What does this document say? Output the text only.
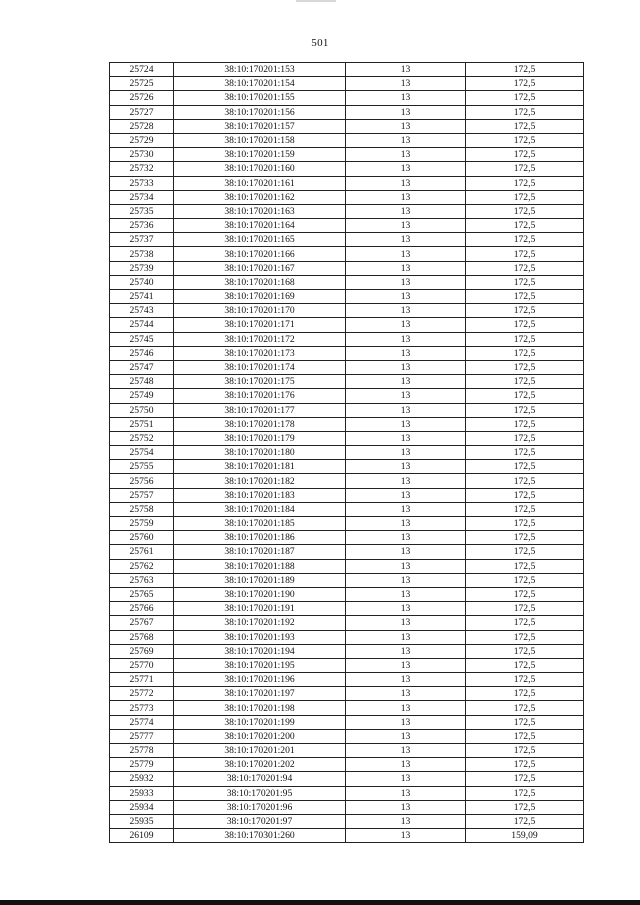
501
25724	38:10:170201:153	13	172,5
25725	38:10:170201:154	13	172,5
25726	38:10:170201:155	13	172,5
25727	38:10:170201:156	13	172,5
25728	38:10:170201:157	13	172,5
25729	38:10:170201:158	13	172,5
25730	38:10:170201:159	13	172,5
25732	38:10:170201:160	13	172,5
25733	38:10:170201:161	13	172,5
25734	38:10:170201:162	13	172,5
25735	38:10:170201:163	13	172,5
25736	38:10:170201:164	13	172,5
25737	38:10:170201:165	13	172,5
25738	38:10:170201:166	13	172,5
25739	38:10:170201:167	13	172,5
25740	38:10:170201:168	13	172,5
25741	38:10:170201:169	13	172,5
25743	38:10:170201:170	13	172,5
25744	38:10:170201:171	13	172,5
25745	38:10:170201:172	13	172,5
25746	38:10:170201:173	13	172,5
25747	38:10:170201:174	13	172,5
25748	38:10:170201:175	13	172,5
25749	38:10:170201:176	13	172,5
25750	38:10:170201:177	13	172,5
25751	38:10:170201:178	13	172,5
25752	38:10:170201:179	13	172,5
25754	38:10:170201:180	13	172,5
25755	38:10:170201:181	13	172,5
25756	38:10:170201:182	13	172,5
25757	38:10:170201:183	13	172,5
25758	38:10:170201:184	13	172,5
25759	38:10:170201:185	13	172,5
25760	38:10:170201:186	13	172,5
25761	38:10:170201:187	13	172,5
25762	38:10:170201:188	13	172,5
25763	38:10:170201:189	13	172,5
25765	38:10:170201:190	13	172,5
25766	38:10:170201:191	13	172,5
25767	38:10:170201:192	13	172,5
25768	38:10:170201:193	13	172,5
25769	38:10:170201:194	13	172,5
25770	38:10:170201:195	13	172,5
25771	38:10:170201:196	13	172,5
25772	38:10:170201:197	13	172,5
25773	38:10:170201:198	13	172,5
25774	38:10:170201:199	13	172,5
25777	38:10:170201:200	13	172,5
25778	38:10:170201:201	13	172,5
25779	38:10:170201:202	13	172,5
25932	38:10:170201:94	13	172,5
25933	38:10:170201:95	13	172,5
25934	38:10:170201:96	13	172,5
25935	38:10:170201:97	13	172,5
26109	38:10:170301:260	13	159,09
